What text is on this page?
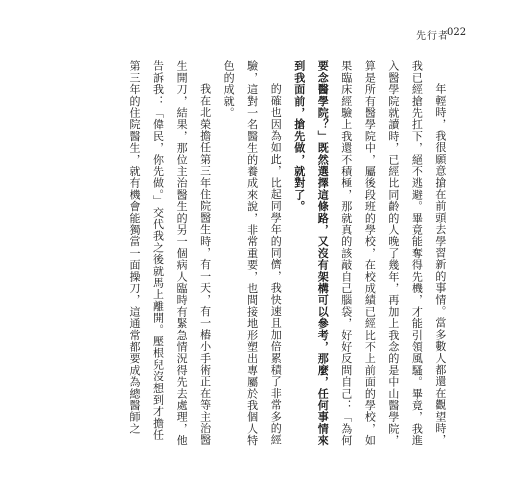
先行者
022
年輕時，我很願意搶在前頭去學習新的事情。當多數人都還在觀望時，
我已經搶先扛下，絕不逃避。畢竟能奪得先機，才能引領風騷。畢竟，我進
入醫學院就讀時，已經比同齡的人晚了幾年，再加上我念的是中山醫學院，
算是所有醫學院中，屬後段班的學校，在校成績已經比不上前面的學校，如
果臨床經驗上我還不積極，那就真的該敲自己腦袋，好好反問自己：「為何
要念醫學院？」既然選擇這條路，又沒有架構可以參考，那麼，任何事情來
到我面前，搶先做，就對了。
的確也因為如此，比起同學年的同儕，我快速且加倍累積了非常多的經
驗，這對一名醫生的養成來說，非常重要，也間接地形塑出專屬於我個人特
色的成就。
我在北榮擔任第三年住院醫生時，有一天，有一樁小手術正在等主治醫
生開刀，結果，那位主治醫生的另一個病人臨時有緊急情況得先去處理，他
告訴我：「偉民，你先做。」交代我之後就馬上離開。壓根兒沒想到才擔任
第三年的住院醫生，就有機會能獨當一面操刀，這通常都要成為總醫師之
